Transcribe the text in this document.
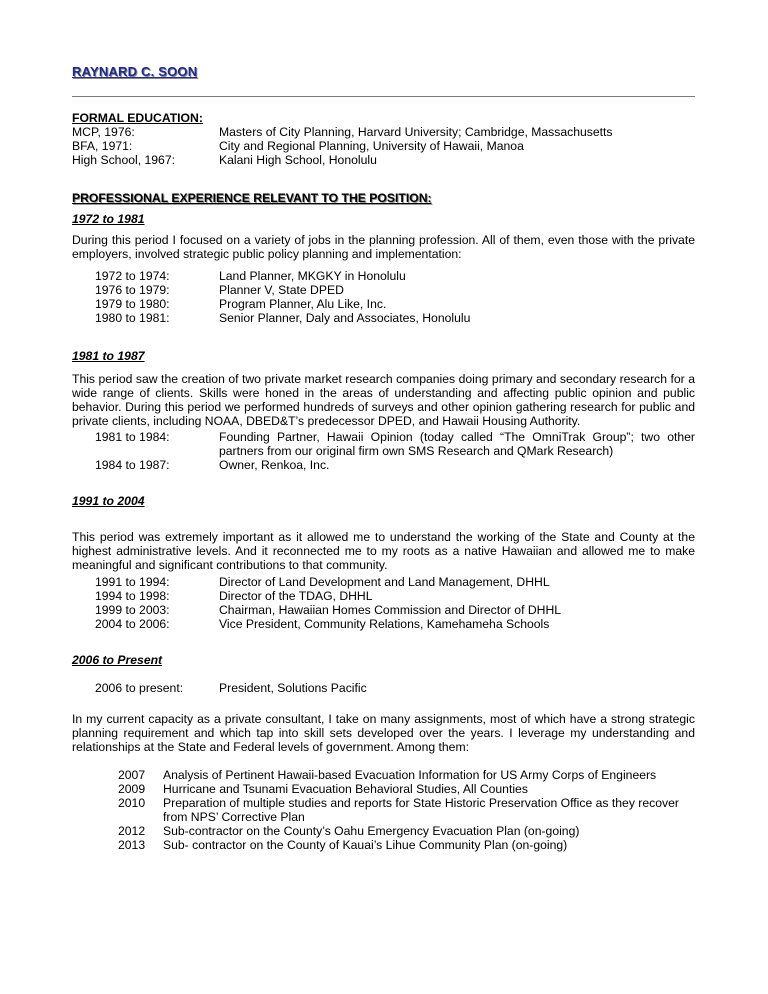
RAYNARD C. SOON

FORMAL EDUCATION:

MCP, 1976:	Masters of City Planning, Harvard University; Cambridge, Massachusetts
BFA, 1971:	City and Regional Planning, University of Hawaii, Manoa
High School, 1967:	Kalani High School, Honolulu

PROFESSIONAL EXPERIENCE RELEVANT TO THE POSITION:

1972 to 1981

During this period I focused on a variety of jobs in the planning profession. All of them, even those with the private employers, involved strategic public policy planning and implementation:

1972 to 1974:	Land Planner, MKGKY in Honolulu
1976 to 1979:	Planner V, State DPED
1979 to 1980:	Program Planner, Alu Like, Inc.
1980 to 1981:	Senior Planner, Daly and Associates, Honolulu

1981 to 1987

This period saw the creation of two private market research companies doing primary and secondary research for a wide range of clients. Skills were honed in the areas of understanding and affecting public opinion and public behavior. During this period we performed hundreds of surveys and other opinion gathering research for public and private clients, including NOAA, DBED&T’s predecessor DPED, and Hawaii Housing Authority.

1981 to 1984:	Founding Partner, Hawaii Opinion (today called “The OmniTrak Group”; two other partners from our original firm own SMS Research and QMark Research)
1984 to 1987:	Owner, Renkoa, Inc.

1991 to 2004

This period was extremely important as it allowed me to understand the working of the State and County at the highest administrative levels. And it reconnected me to my roots as a native Hawaiian and allowed me to make meaningful and significant contributions to that community.

1991 to 1994:	Director of Land Development and Land Management, DHHL
1994 to 1998:	Director of the TDAG, DHHL
1999 to 2003:	Chairman, Hawaiian Homes Commission and Director of DHHL
2004 to 2006:	Vice President, Community Relations, Kamehameha Schools

2006 to Present

2006 to present:	President, Solutions Pacific

In my current capacity as a private consultant, I take on many assignments, most of which have a strong strategic planning requirement and which tap into skill sets developed over the years. I leverage my understanding and relationships at the State and Federal levels of government. Among them:

2007	Analysis of Pertinent Hawaii-based Evacuation Information for US Army Corps of Engineers
2009	Hurricane and Tsunami Evacuation Behavioral Studies, All Counties
2010	Preparation of multiple studies and reports for State Historic Preservation Office as they recover from NPS’ Corrective Plan
2012	Sub-contractor on the County’s Oahu Emergency Evacuation Plan (on-going)
2013	Sub- contractor on the County of Kauai’s Lihue Community Plan (on-going)
